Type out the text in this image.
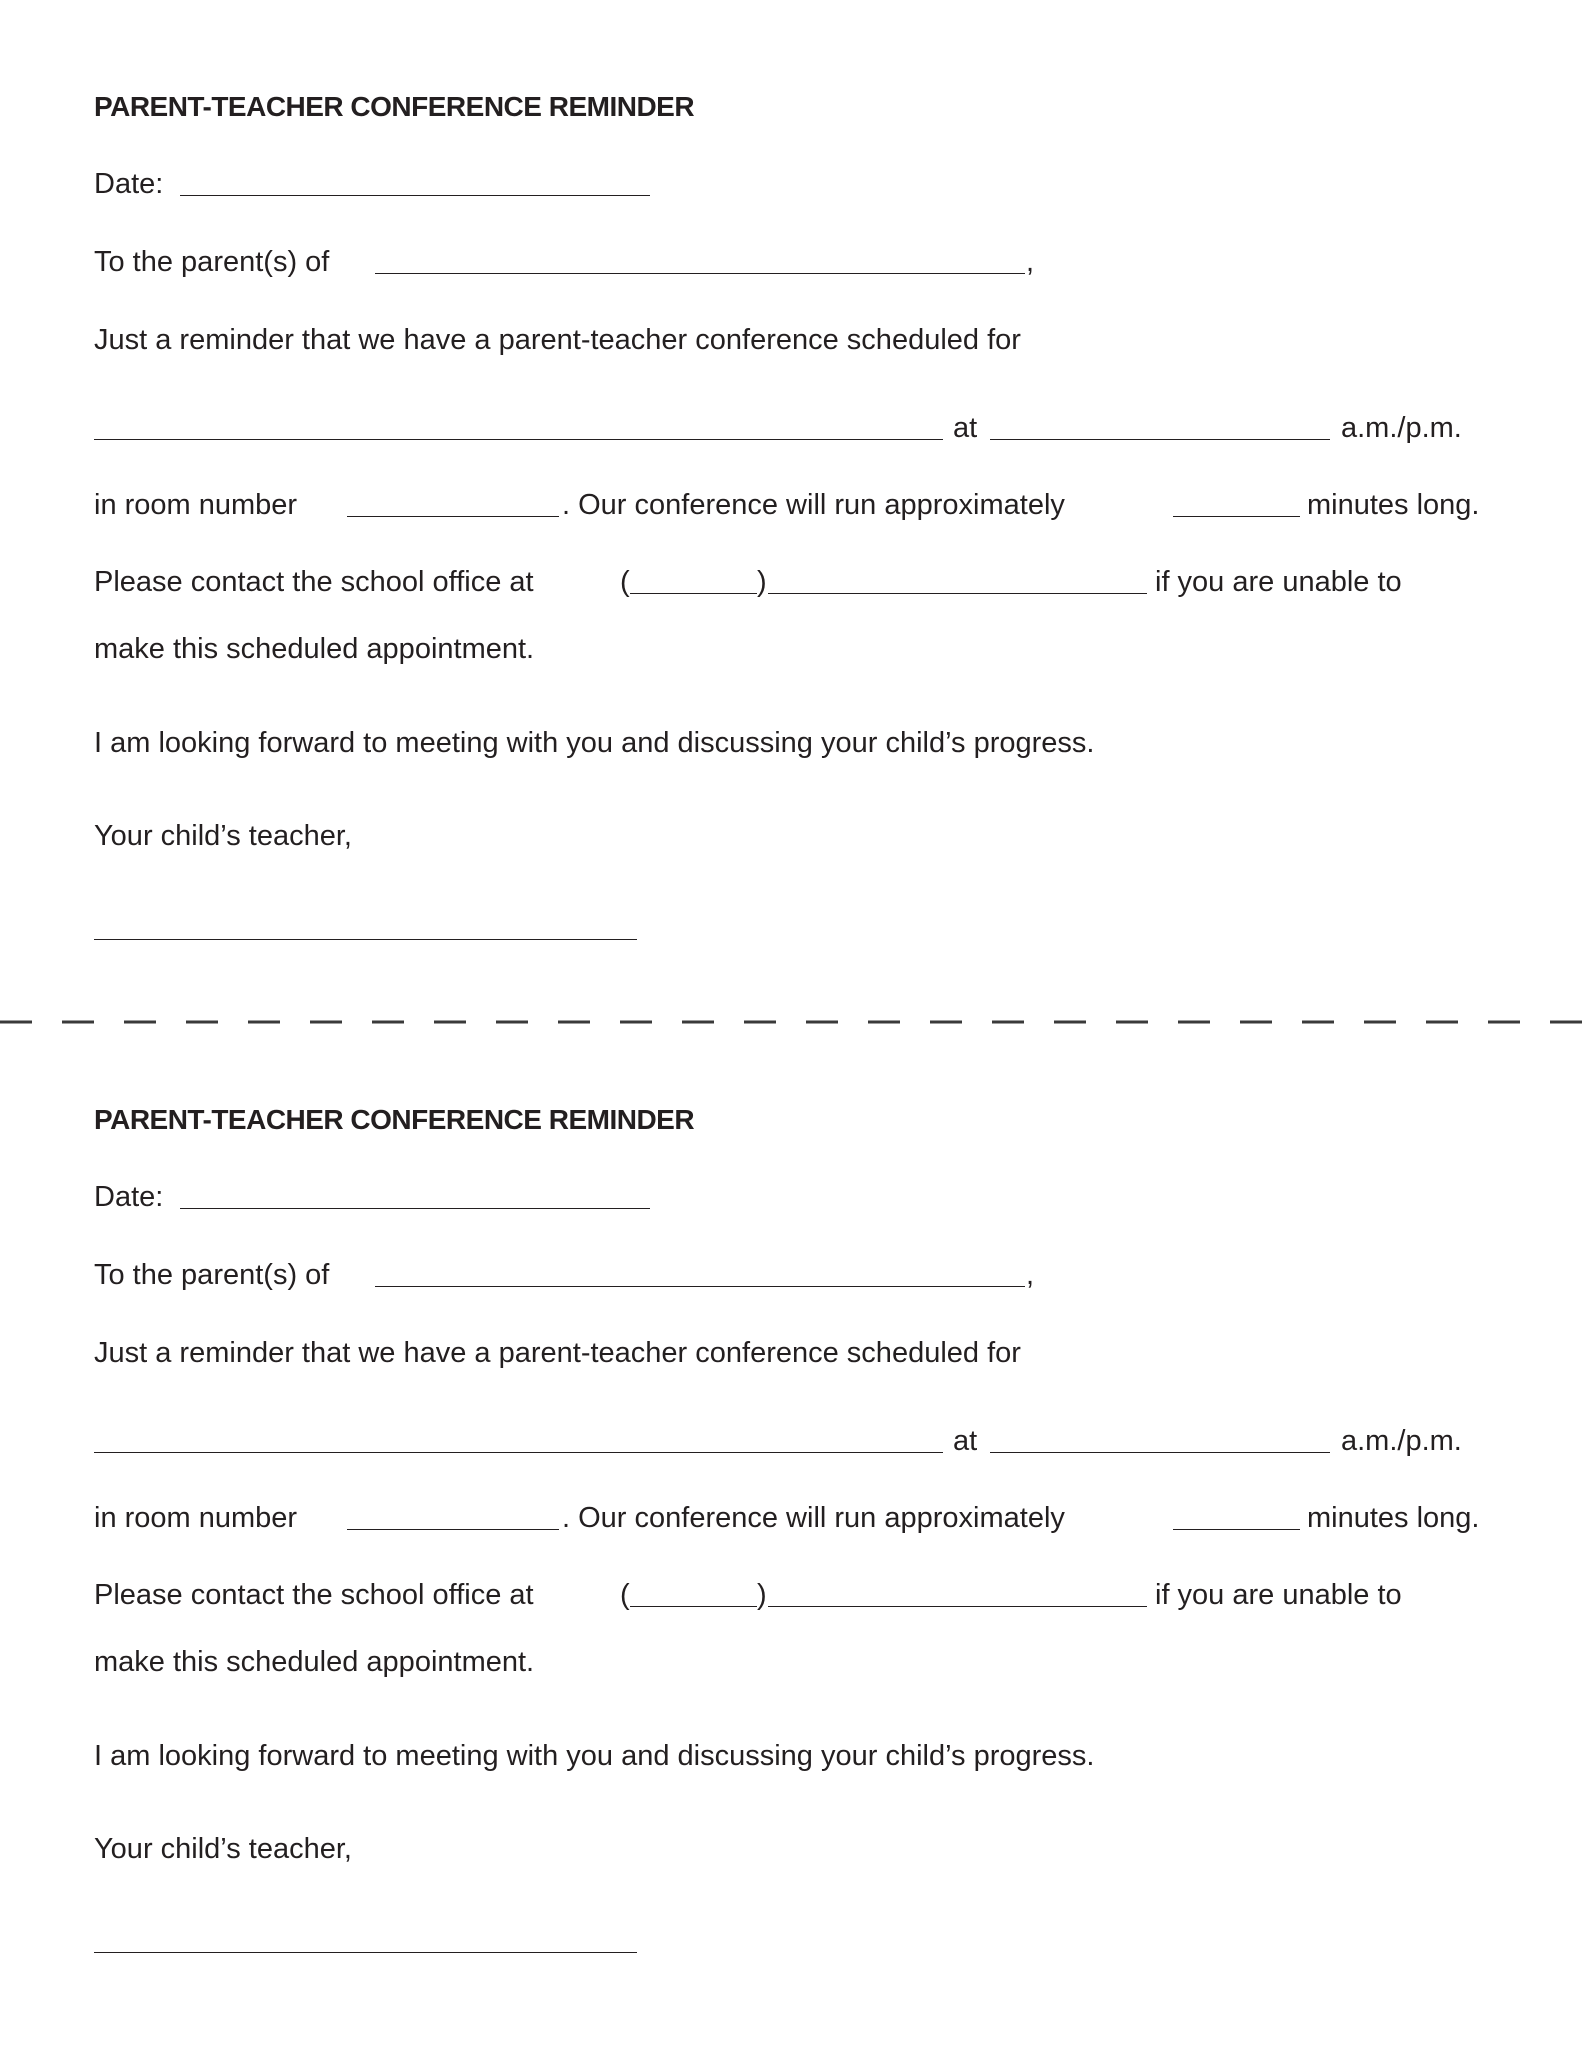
PARENT-TEACHER CONFERENCE REMINDER
Date:
To the parent(s) of	,
Just a reminder that we have a parent-teacher conference scheduled for
at	a.m./p.m.
in room number	. Our conference will run approximately	minutes long.
Please contact the school office at	(	)	if you are unable to
make this scheduled appointment.
I am looking forward to meeting with you and discussing your child’s progress.
Your child’s teacher,
PARENT-TEACHER CONFERENCE REMINDER
Date:
To the parent(s) of	,
Just a reminder that we have a parent-teacher conference scheduled for
at	a.m./p.m.
in room number	. Our conference will run approximately	minutes long.
Please contact the school office at	(	)	if you are unable to
make this scheduled appointment.
I am looking forward to meeting with you and discussing your child’s progress.
Your child’s teacher,
